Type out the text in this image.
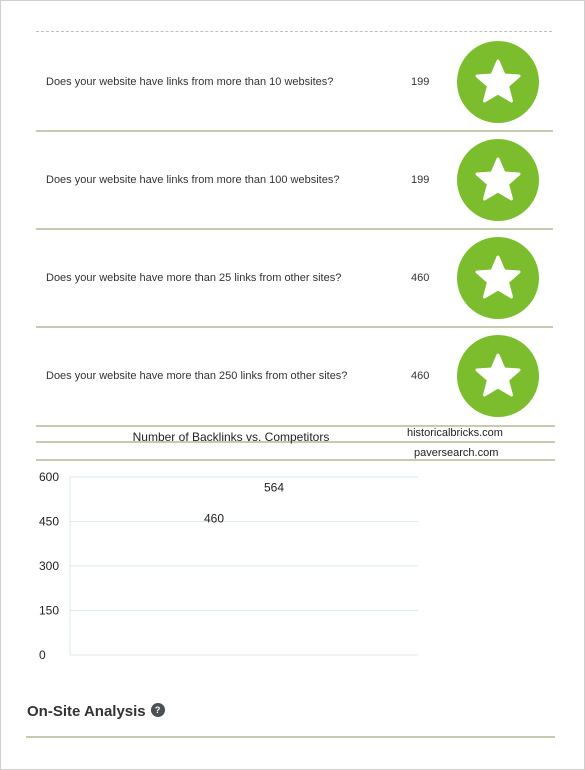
Does your website have links from more than 10 websites?	199
Does your website have links from more than 100 websites?	199
Does your website have more than 25 links from other sites?	460
Does your website have more than 250 links from other sites?	460
Number of Backlinks vs. Competitors	historicalbricks.com
paversearch.com
0
150
300
450
600
460
564
On-Site Analysis	?
